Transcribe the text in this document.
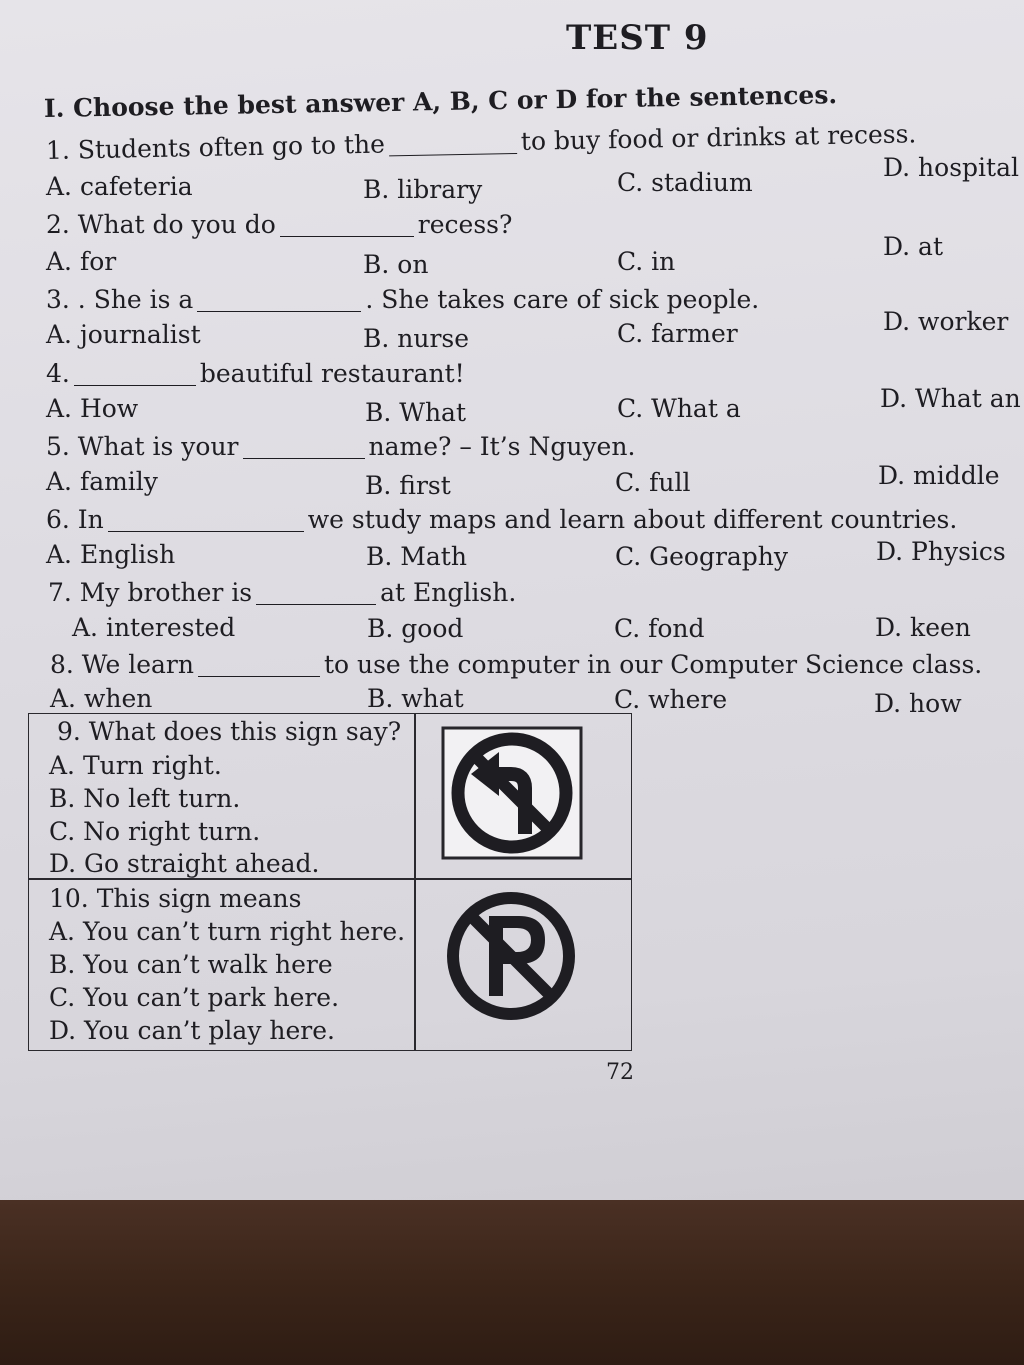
TEST 9
I. Choose the best answer A, B, C or D for the sentences.
1. Students often go to the	to buy food or drinks at recess.
A. cafeteria	B. library	C. stadium
D. hospital
2. What do you do	recess?
A. for	B. on	C. in
D. at
3. . She is a	. She takes care of sick people.
A. journalist	B. nurse	C. farmer	D. worker
4.	beautiful restaurant!
A. How	B. What	C. What a	D. What an
5. What is your	name? – It’s Nguyen.
A. family	B. first	C. full	D. middle
6. In	we study maps and learn about different countries.
A. English	B. Math	C. Geography	D. Physics
7. My brother is	at English.
A. interested	B. good	C. fond	D. keen
8. We learn	to use the computer in our Computer Science class.
A. when	B. what	C. where	D. how
9. What does this sign say?
A. Turn right.
B. No left turn.
C. No right turn.
D. Go straight ahead.
10. This sign means
A. You can’t turn right here.
B. You can’t walk here
C. You can’t park here.
D. You can’t play here.
72
